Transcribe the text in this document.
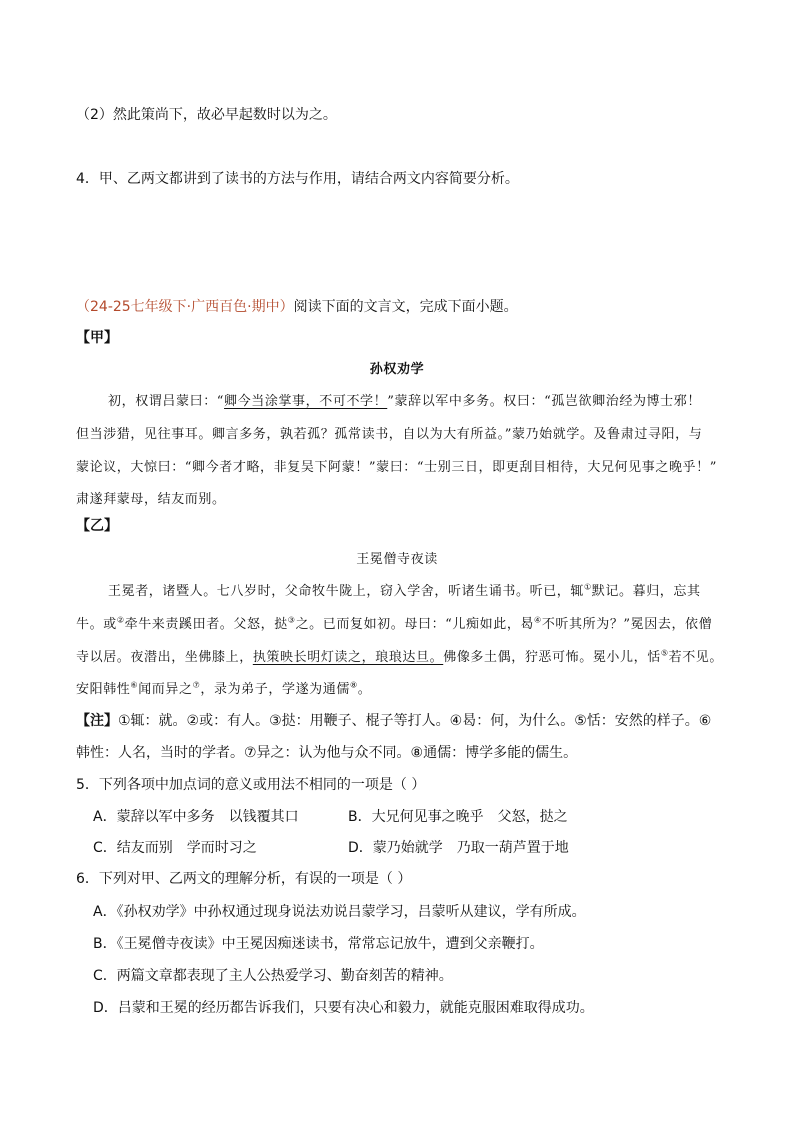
（2）然此策尚下，故必早起数时以为之。
4．甲、乙两文都讲到了读书的方法与作用，请结合两文内容简要分析。
（24-25七年级下·广西百色·期中）阅读下面的文言文，完成下面小题。
【甲】
孙权劝学
初，权谓吕蒙曰：“卿今当涂掌事，不可不学！”蒙辞以军中多务。权曰：“孤岂欲卿治经为博士邪！
但当涉猎，见往事耳。卿言多务，孰若孤？孤常读书，自以为大有所益。”蒙乃始就学。及鲁肃过寻阳，与
蒙论议，大惊曰：“卿今者才略，非复吴下阿蒙！”蒙曰：“士别三日，即更刮目相待，大兄何见事之晚乎！”
肃遂拜蒙母，结友而别。
【乙】
王冕僧寺夜读
王冕者，诸暨人。七八岁时，父命牧牛陇上，窃入学舍，听诸生诵书。听已，辄①默记。暮归，忘其
牛。或②牵牛来责蹊田者。父怒，挞③之。已而复如初。母曰：“儿痴如此，曷④不听其所为？”冕因去，依僧
寺以居。夜潜出，坐佛膝上，执策映长明灯读之，琅琅达旦。佛像多土偶，狞恶可怖。冕小儿，恬⑤若不见。
安阳韩性⑥闻而异之⑦，录为弟子，学遂为通儒⑧。
【注】①辄：就。②或：有人。③挞：用鞭子、棍子等打人。④曷：何，为什么。⑤恬：安然的样子。⑥
韩性：人名，当时的学者。⑦异之：认为他与众不同。⑧通儒：博学多能的儒生。
5．下列各项中加点词的意义或用法不相同的一项是（ ）
A．蒙辞以军中多务　以钱覆其口	B．大兄何见事之晚乎　父怒，挞之
C．结友而别　学而时习之	D．蒙乃始就学　乃取一葫芦置于地
6．下列对甲、乙两文的理解分析，有误的一项是（ ）
A．《孙权劝学》中孙权通过现身说法劝说吕蒙学习，吕蒙听从建议，学有所成。
B．《王冕僧寺夜读》中王冕因痴迷读书，常常忘记放牛，遭到父亲鞭打。
C．两篇文章都表现了主人公热爱学习、勤奋刻苦的精神。
D．吕蒙和王冕的经历都告诉我们，只要有决心和毅力，就能克服困难取得成功。
